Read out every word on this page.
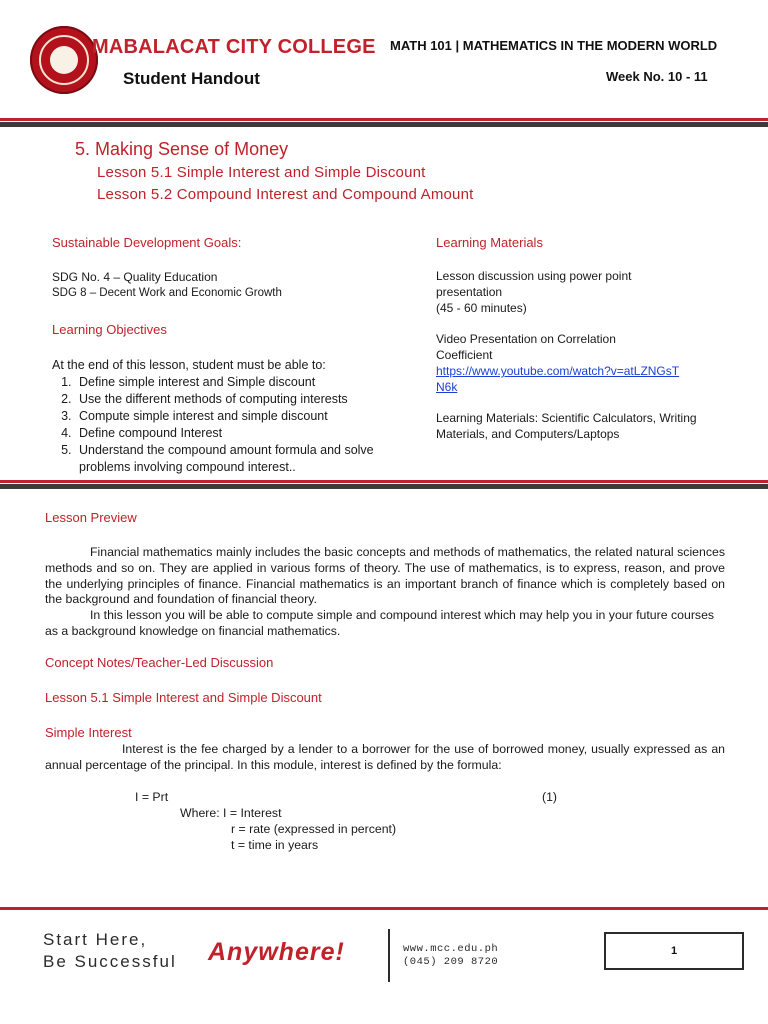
MABALACAT CITY COLLEGE
Student Handout
MATH 101 | MATHEMATICS IN THE MODERN WORLD
Week No. 10 - 11
5. Making Sense of Money
Lesson 5.1 Simple Interest and Simple Discount
Lesson 5.2 Compound Interest and Compound Amount
Sustainable Development Goals:

SDG No. 4 – Quality Education

SDG 8 – Decent Work and Economic Growth

Learning Objectives
At the end of this lesson, student must be able to:
1. Define simple interest and Simple discount
2. Use the different methods of computing interests
3. Compute simple interest and simple discount
4. Define compound Interest
5. Understand the compound amount formula and solve problems involving compound interest..
Learning Materials

Lesson discussion using power point presentation

(45 - 60 minutes)

Video Presentation on Correlation Coefficient

https://www.youtube.com/watch?v=atLZNGsTN6k

Learning Materials: Scientific Calculators, Writing Materials, and Computers/Laptops

Lesson Preview

Financial mathematics mainly includes the basic concepts and methods of mathematics, the related natural sciences methods and so on. They are applied in various forms of theory. The use of mathematics, is to express, reason, and prove the underlying principles of finance. Financial mathematics is an important branch of finance which is completely based on the background and foundation of financial theory.

In this lesson you will be able to compute simple and compound interest which may help you in your future courses as a background knowledge on financial mathematics.

Concept Notes/Teacher-Led Discussion
Lesson 5.1 Simple Interest and Simple Discount
Simple Interest
Interest is the fee charged by a lender to a borrower for the use of borrowed money, usually expressed as an annual percentage of the principal. In this module, interest is defined by the formula:
I = Prt	(1)
Where: I = Interest
r = rate (expressed in percent)
t = time in years
Start Here,
Be Successful Anywhere!	www.mcc.edu.ph
(045) 209 8720
1
